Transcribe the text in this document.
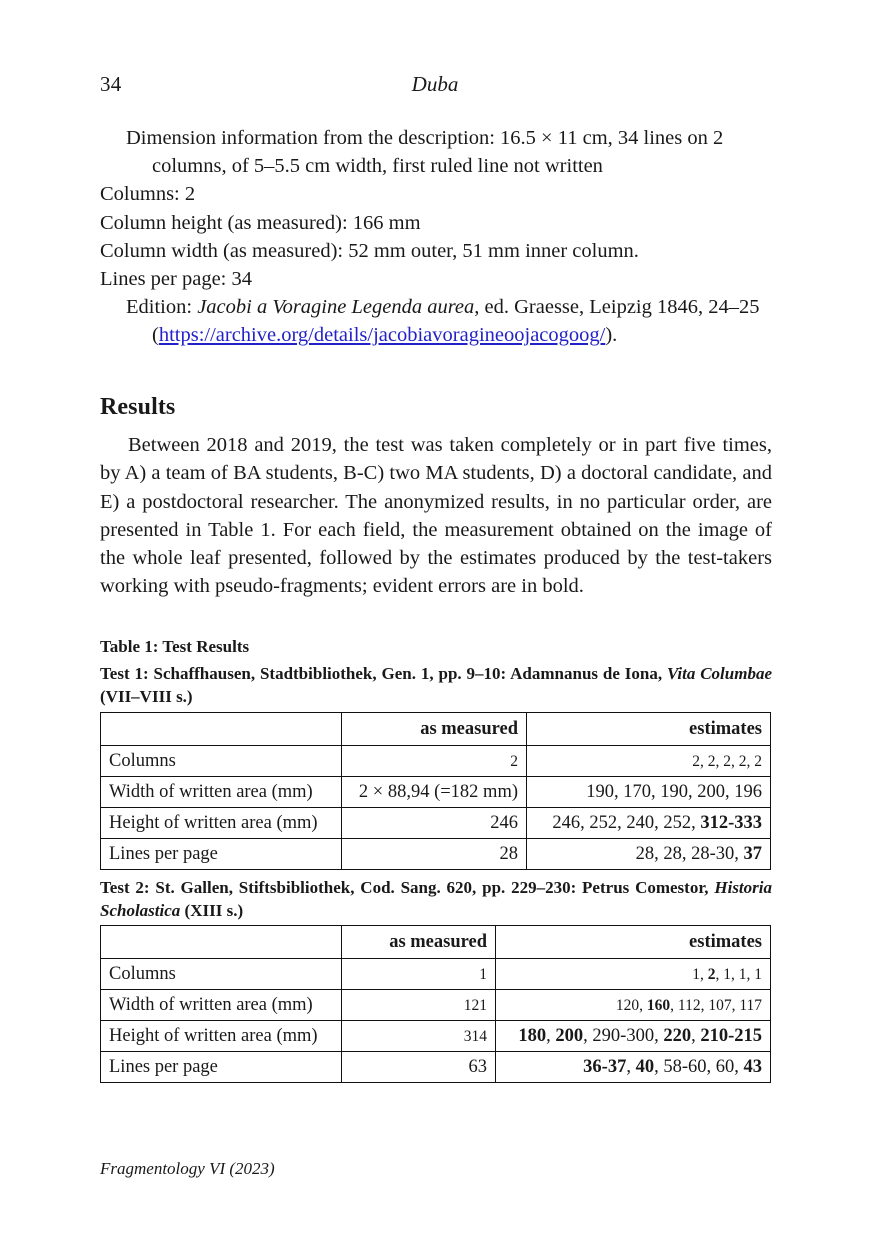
34	Duba
Dimension information from the description: 16.5 × 11 cm, 34 lines on 2 columns, of 5–5.5 cm width, first ruled line not written
Columns: 2
Column height (as measured): 166 mm
Column width (as measured): 52 mm outer, 51 mm inner column.
Lines per page: 34
Edition: Jacobi a Voragine Legenda aurea, ed. Graesse, Leipzig 1846, 24–25 (https://archive.org/details/jacobiavoragineoojacogoog/).
Results
Between 2018 and 2019, the test was taken completely or in part five times, by A) a team of BA students, B-C) two MA students, D) a doctoral candidate, and E) a postdoctoral researcher. The anonymized results, in no particular order, are presented in Table 1. For each field, the measurement obtained on the image of the whole leaf presented, followed by the estimates produced by the test-takers working with pseudo-fragments; evident errors are in bold.
Table 1: Test Results
Test 1: Schaffhausen, Stadtbibliothek, Gen. 1, pp. 9–10: Adamnanus de Iona, Vita Columbae (VII–VIII s.)
	as measured	estimates
Columns	2	2, 2, 2, 2, 2
Width of written area (mm)	2 × 88,94 (=182 mm)	190, 170, 190, 200, 196
Height of written area (mm)	246	246, 252, 240, 252, 312-333
Lines per page	28	28, 28, 28-30, 37
Test 2: St. Gallen, Stiftsbibliothek, Cod. Sang. 620, pp. 229–230: Petrus Comestor, Historia Scholastica (XIII s.)
	as measured	estimates
Columns	1	1, 2, 1, 1, 1
Width of written area (mm)	121	120, 160, 112, 107, 117
Height of written area (mm)	314	180, 200, 290-300, 220, 210-215
Lines per page	63	36-37, 40, 58-60, 60, 43
Fragmentology VI (2023)
